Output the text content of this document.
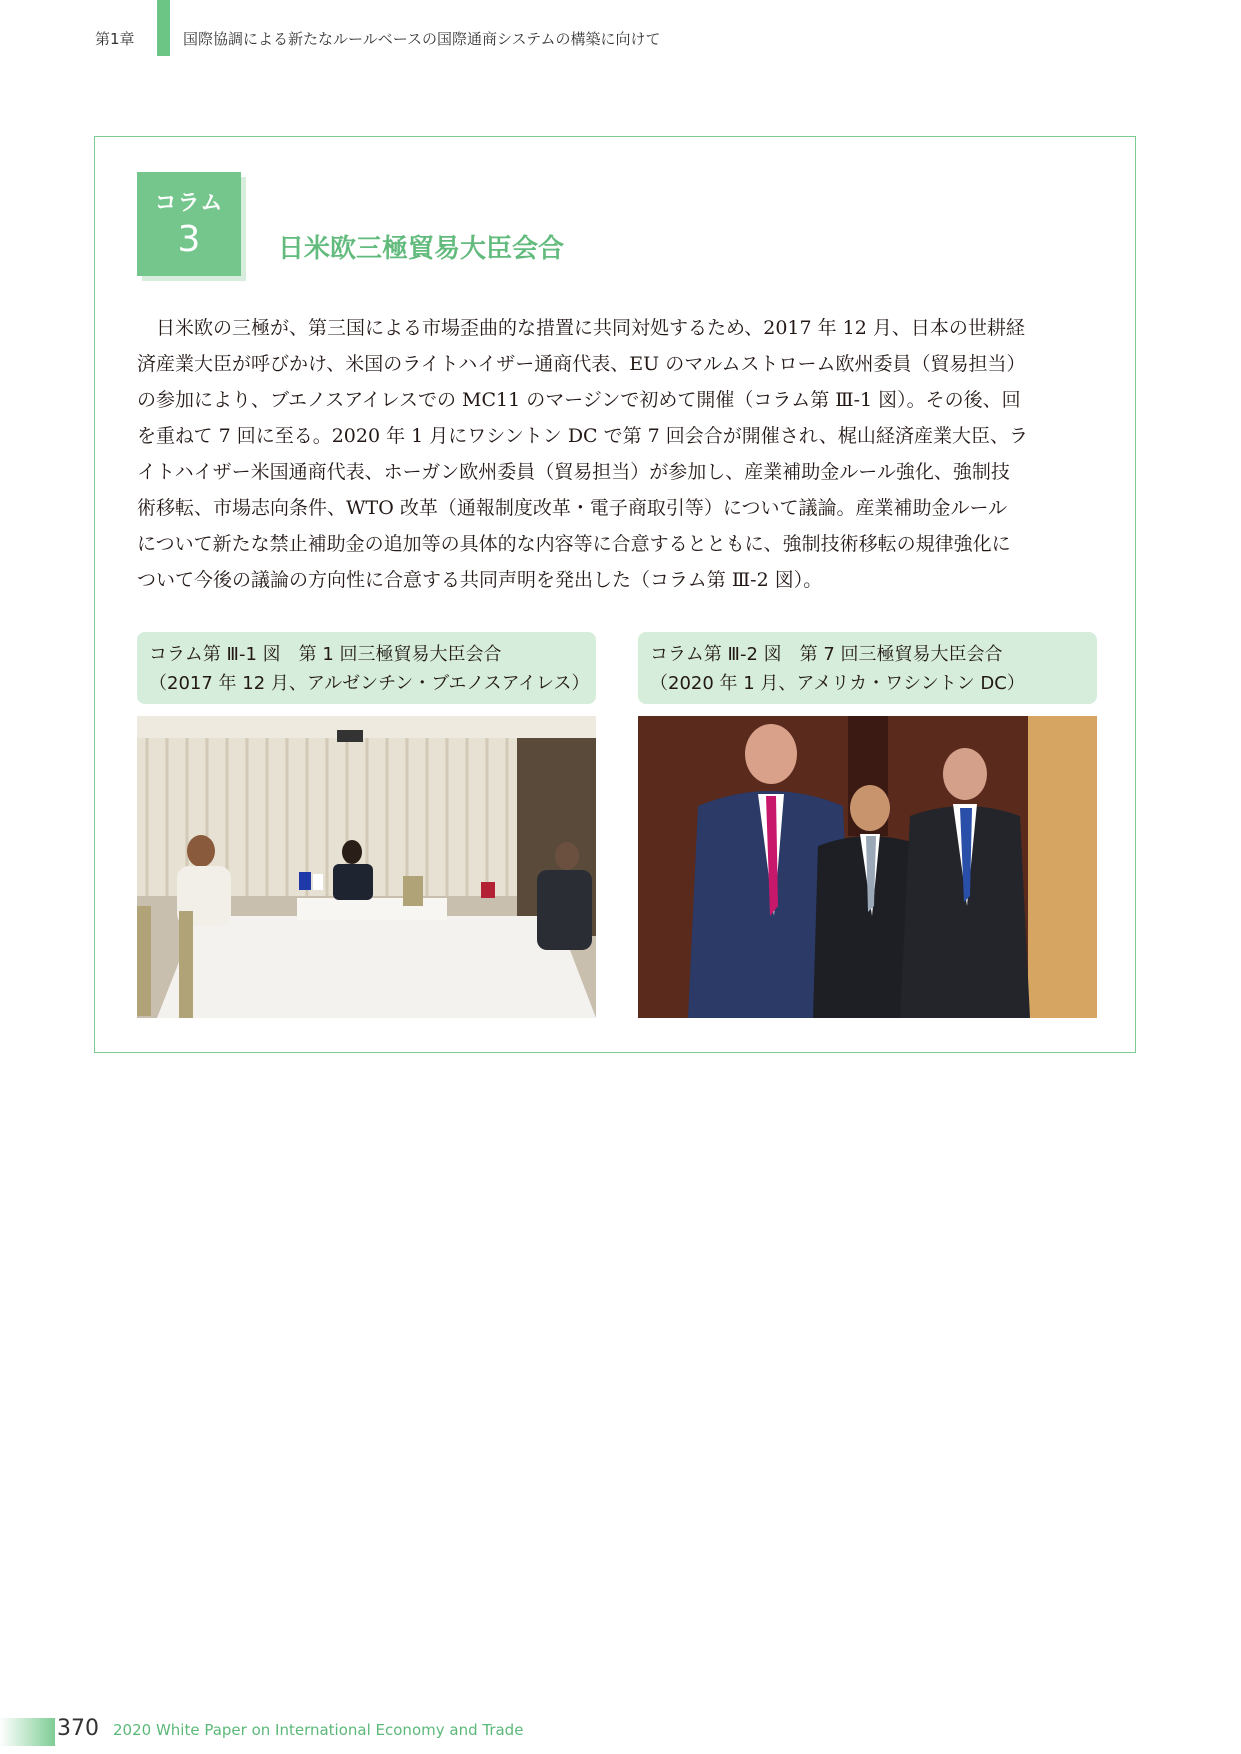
第1章	国際協調による新たなルールベースの国際通商システムの構築に向けて
コラム
3	日米欧三極貿易大臣会合

　日米欧の三極が、第三国による市場歪曲的な措置に共同対処するため、2017 年 12 月、日本の世耕経
済産業大臣が呼びかけ、米国のライトハイザー通商代表、EU のマルムストローム欧州委員（貿易担当）
の参加により、ブエノスアイレスでの MC11 のマージンで初めて開催（コラム第 Ⅲ-1 図）。その後、回
を重ねて 7 回に至る。2020 年 1 月にワシントン DC で第 7 回会合が開催され、梶山経済産業大臣、ラ
イトハイザー米国通商代表、ホーガン欧州委員（貿易担当）が参加し、産業補助金ルール強化、強制技
術移転、市場志向条件、WTO 改革（通報制度改革・電子商取引等）について議論。産業補助金ルール
について新たな禁止補助金の追加等の具体的な内容等に合意するとともに、強制技術移転の規律強化に
ついて今後の議論の方向性に合意する共同声明を発出した（コラム第 Ⅲ-2 図）。

コラム第 Ⅲ-1 図　第 1 回三極貿易大臣会合
（2017 年 12 月、アルゼンチン・ブエノスアイレス）
コラム第 Ⅲ-2 図　第 7 回三極貿易大臣会合
（2020 年 1 月、アメリカ・ワシントン DC）
370 2020 White Paper on International Economy and Trade
